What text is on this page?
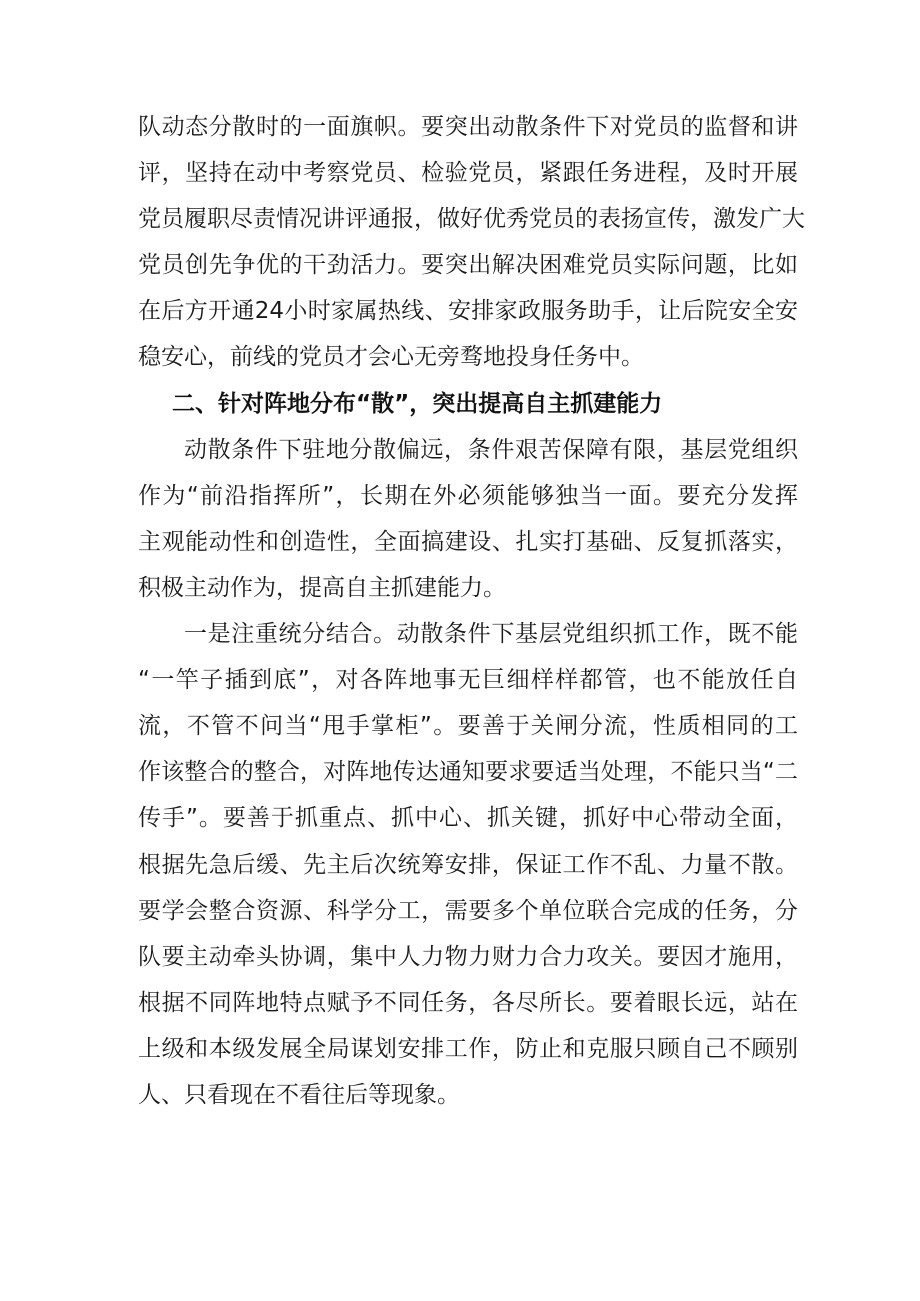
队动态分散时的一面旗帜。要突出动散条件下对党员的监督和讲
评，坚持在动中考察党员、检验党员，紧跟任务进程，及时开展
党员履职尽责情况讲评通报，做好优秀党员的表扬宣传，激发广大
党员创先争优的干劲活力。要突出解决困难党员实际问题，比如
在后方开通24小时家属热线、安排家政服务助手，让后院安全安
稳安心，前线的党员才会心无旁骛地投身任务中。
二、针对阵地分布“散”，突出提高自主抓建能力
动散条件下驻地分散偏远，条件艰苦保障有限，基层党组织
作为“前沿指挥所”，长期在外必须能够独当一面。要充分发挥
主观能动性和创造性，全面搞建设、扎实打基础、反复抓落实，
积极主动作为，提高自主抓建能力。
一是注重统分结合。动散条件下基层党组织抓工作，既不能
“一竿子插到底”，对各阵地事无巨细样样都管，也不能放任自
流，不管不问当“甩手掌柜”。要善于关闸分流，性质相同的工
作该整合的整合，对阵地传达通知要求要适当处理，不能只当“二
传手”。要善于抓重点、抓中心、抓关键，抓好中心带动全面，
根据先急后缓、先主后次统筹安排，保证工作不乱、力量不散。
要学会整合资源、科学分工，需要多个单位联合完成的任务，分
队要主动牵头协调，集中人力物力财力合力攻关。要因才施用，
根据不同阵地特点赋予不同任务，各尽所长。要着眼长远，站在
上级和本级发展全局谋划安排工作，防止和克服只顾自己不顾别
人、只看现在不看往后等现象。
